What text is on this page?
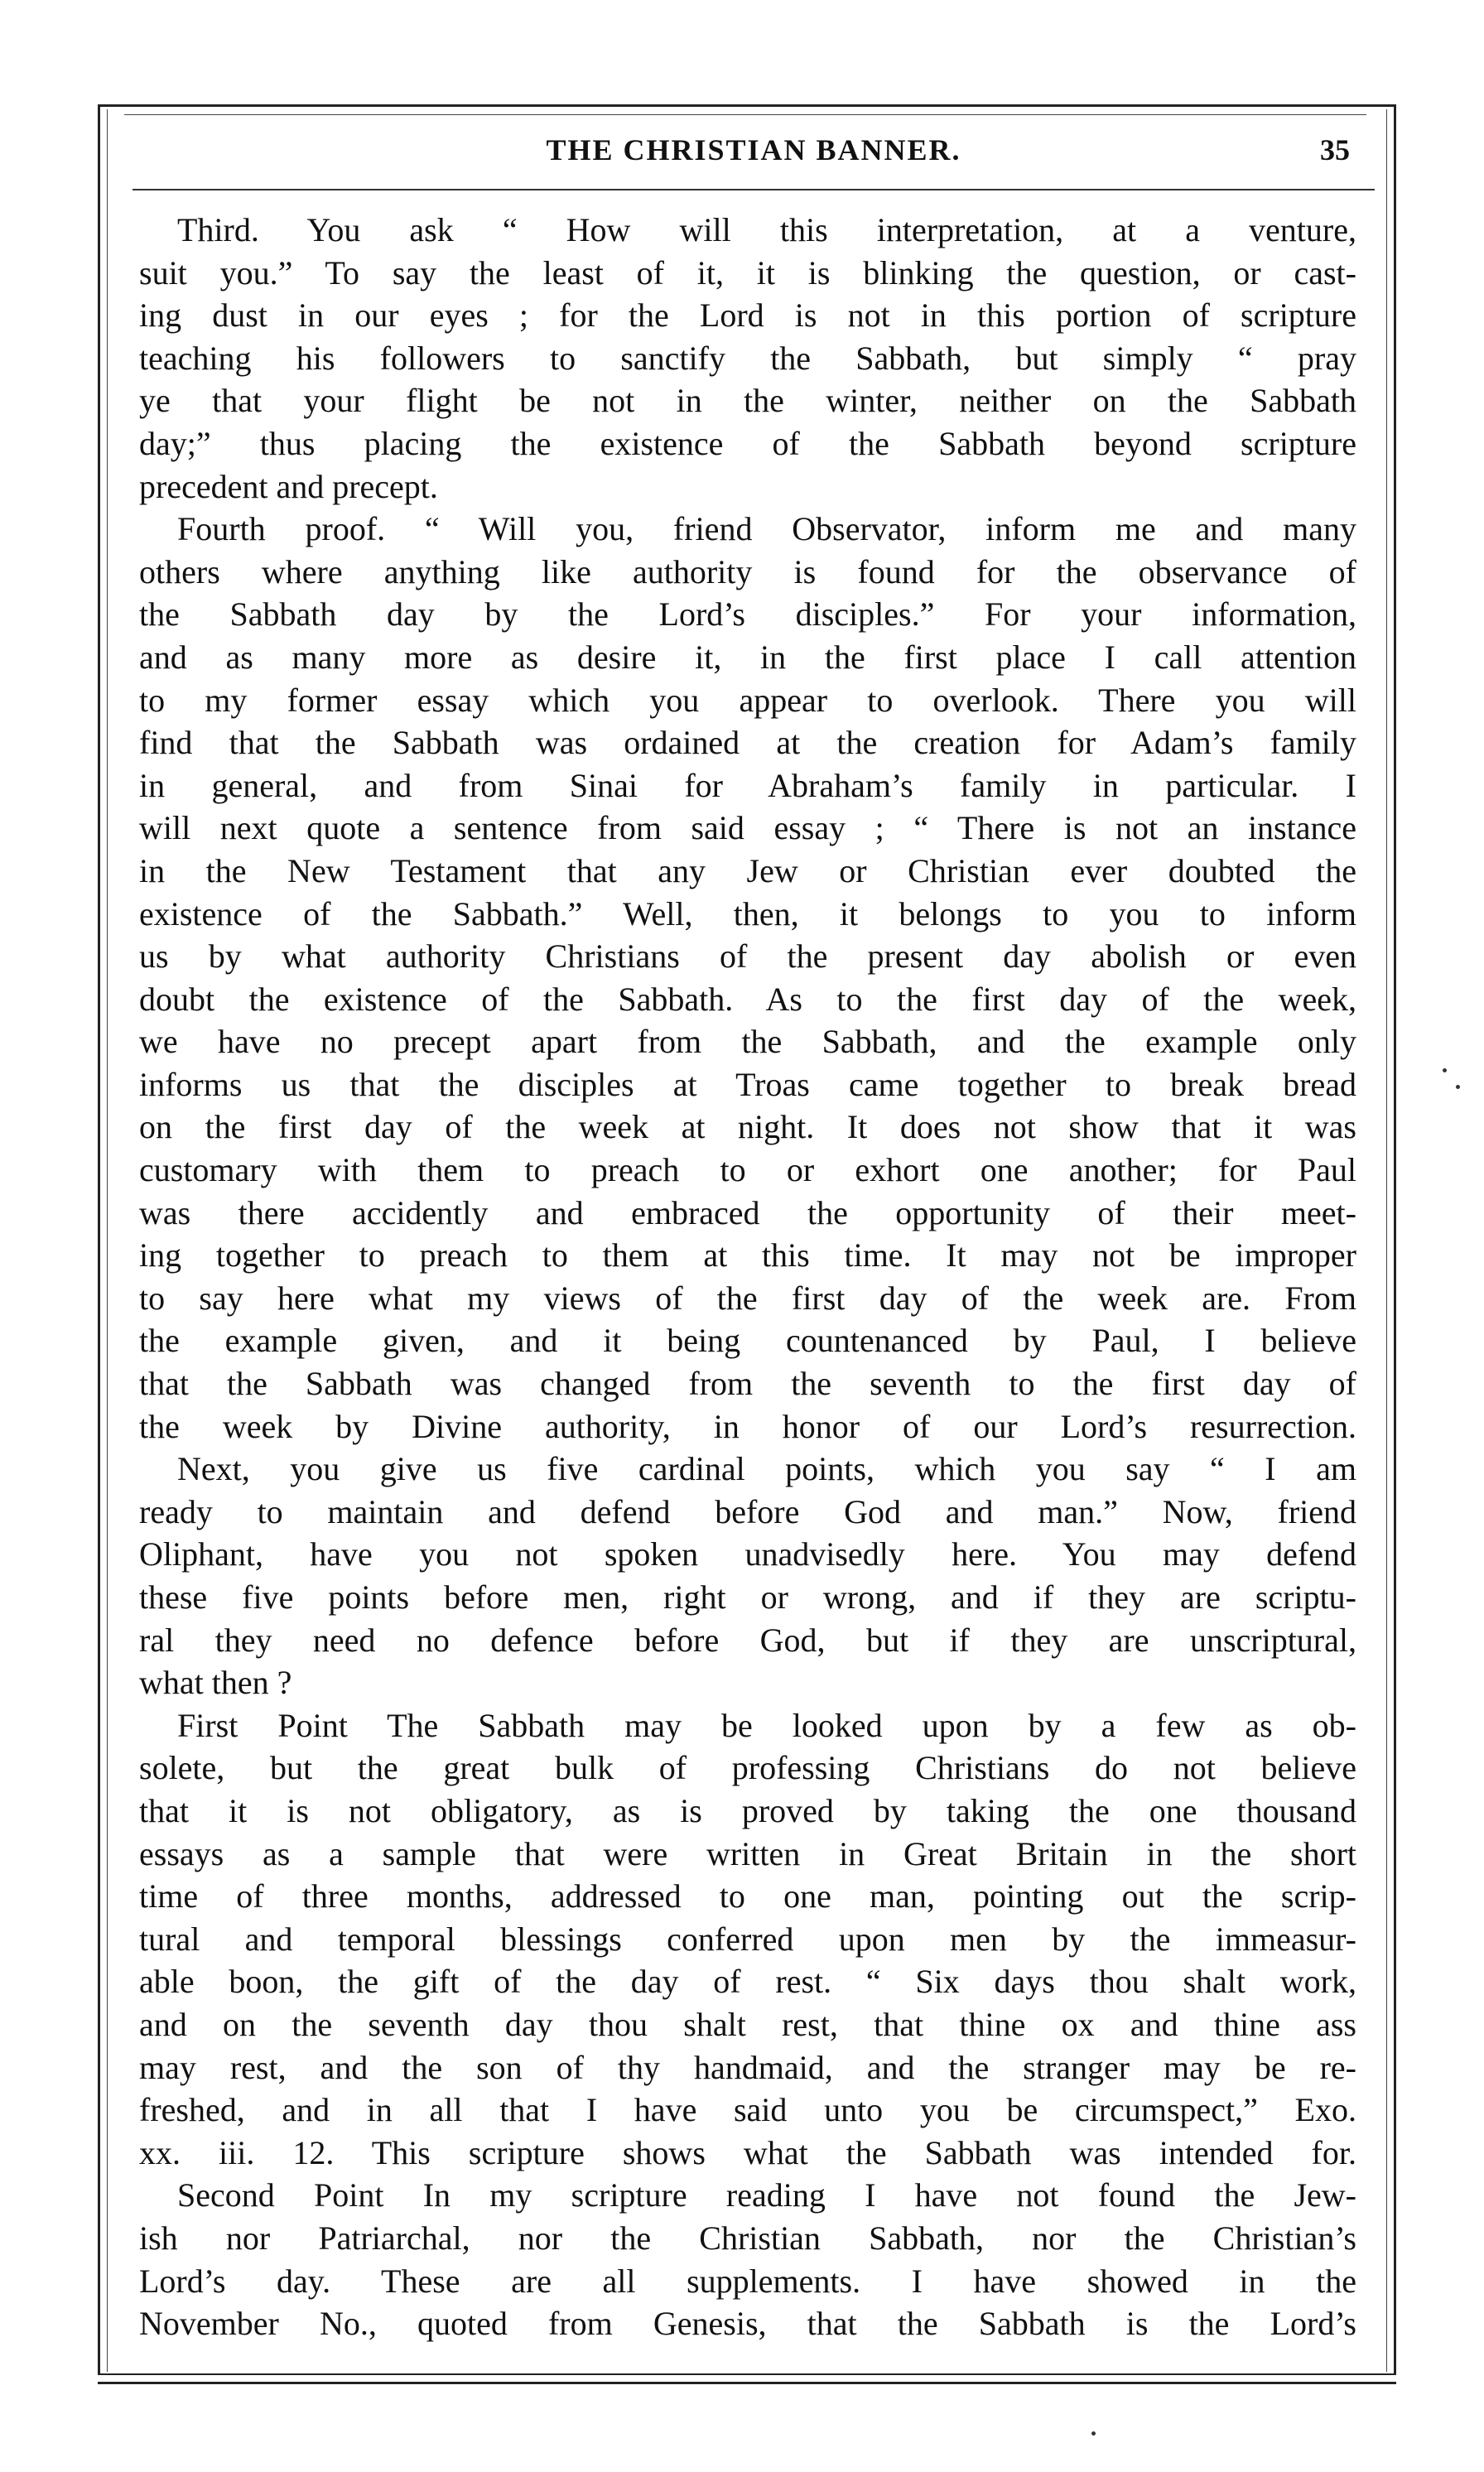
THE CHRISTIAN BANNER.	35
Third. You ask “ How will this interpretation, at a venture,
suit you.” To say the least of it, it is blinking the question, or cast-
ing dust in our eyes ; for the Lord is not in this portion of scripture
teaching his followers to sanctify the Sabbath, but simply “ pray
ye that your flight be not in the winter, neither on the Sabbath
day;” thus placing the existence of the Sabbath beyond scripture
precedent and precept.
Fourth proof. “ Will you, friend Observator, inform me and many
others where anything like authority is found for the observance of
the Sabbath day by the Lord’s disciples.” For your information,
and as many more as desire it, in the first place I call attention
to my former essay which you appear to overlook. There you will
find that the Sabbath was ordained at the creation for Adam’s family
in general, and from Sinai for Abraham’s family in particular. I
will next quote a sentence from said essay ; “ There is not an instance
in the New Testament that any Jew or Christian ever doubted the
existence of the Sabbath.” Well, then, it belongs to you to inform
us by what authority Christians of the present day abolish or even
doubt the existence of the Sabbath. As to the first day of the week,
we have no precept apart from the Sabbath, and the example only
informs us that the disciples at Troas came together to break bread
on the first day of the week at night. It does not show that it was
customary with them to preach to or exhort one another; for Paul
was there accidently and embraced the opportunity of their meet-
ing together to preach to them at this time. It may not be improper
to say here what my views of the first day of the week are. From
the example given, and it being countenanced by Paul, I believe
that the Sabbath was changed from the seventh to the first day of
the week by Divine authority, in honor of our Lord’s resurrection.
Next, you give us five cardinal points, which you say “ I am
ready to maintain and defend before God and man.” Now, friend
Oliphant, have you not spoken unadvisedly here. You may defend
these five points before men, right or wrong, and if they are scriptu-
ral they need no defence before God, but if they are unscriptural,
what then ?
First Point The Sabbath may be looked upon by a few as ob-
solete, but the great bulk of professing Christians do not believe
that it is not obligatory, as is proved by taking the one thousand
essays as a sample that were written in Great Britain in the short
time of three months, addressed to one man, pointing out the scrip-
tural and temporal blessings conferred upon men by the immeasur-
able boon, the gift of the day of rest. “ Six days thou shalt work,
and on the seventh day thou shalt rest, that thine ox and thine ass
may rest, and the son of thy handmaid, and the stranger may be re-
freshed, and in all that I have said unto you be circumspect,” Exo.
xx. iii. 12. This scripture shows what the Sabbath was intended for.
Second Point In my scripture reading I have not found the Jew-
ish nor Patriarchal, nor the Christian Sabbath, nor the Christian’s
Lord’s day. These are all supplements. I have showed in the
November No., quoted from Genesis, that the Sabbath is the Lord’s
